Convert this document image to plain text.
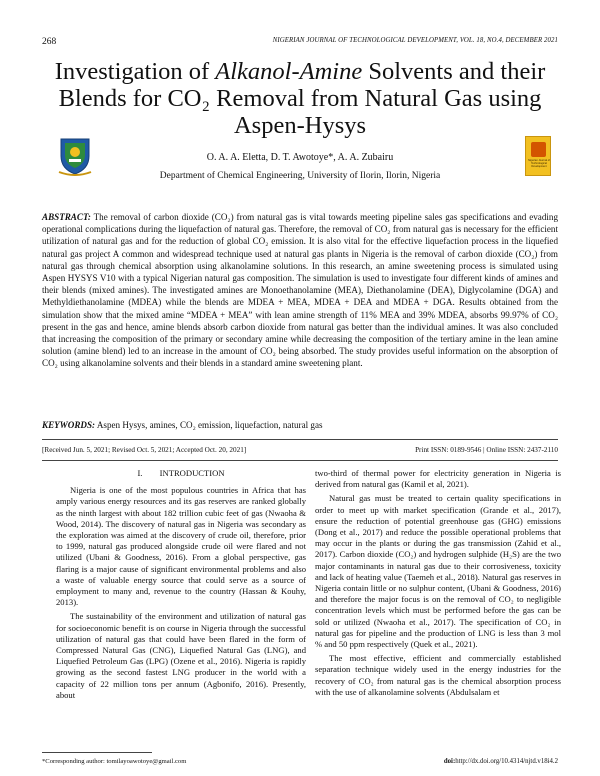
268	NIGERIAN JOURNAL OF TECHNOLOGICAL DEVELOPMENT, VOL. 18, NO.4, DECEMBER 2021
Investigation of Alkanol-Amine Solvents and their
Blends for CO₂ Removal from Natural Gas using
Aspen-Hysys
Nigerian Journal of Technological Development
O. A. A. Eletta, D. T. Awotoye*, A. A. Zubairu
Department of Chemical Engineering, University of Ilorin, Ilorin, Nigeria
ABSTRACT: The removal of carbon dioxide (CO₂) from natural gas is vital towards meeting pipeline sales gas specifications and evading operational complications during the liquefaction of natural gas. Therefore, the removal of CO₂ from natural gas is necessary for the efficient utilization of natural gas and for the reduction of global CO₂ emission. It is also vital for the effective liquefaction process in the liquefied natural gas project A common and widespread technique used at natural gas plants in Nigeria is the removal of carbon dioxide (CO₂) from natural gas through chemical absorption using alkanolamine solutions. In this research, an amine sweetening process is simulated using Aspen HYSYS V10 with a typical Nigerian natural gas composition. The simulation is used to investigate four different kinds of amines and their blends (mixed amines). The investigated amines are Monoethanolamine (MEA), Diethanolamine (DEA), Diglycolamine (DGA) and Methyldiethanolamine (MDEA) while the blends are MDEA + MEA, MDEA + DEA and MDEA + DGA. Results obtained from the simulation show that the mixed amine “MDEA + MEA” with lean amine strength of 11% MEA and 39% MDEA, absorbs 99.97% of CO₂ present in the gas and hence, amine blends absorb carbon dioxide from natural gas better than the individual amines. It was also concluded that increasing the composition of the primary or secondary amine while decreasing the composition of the tertiary amine in the lean amine solution (amine blend) led to an increase in the amount of CO₂ being absorbed. The study provides useful information on the absorption of CO₂ using alkanolamine solvents and their blends in a standard amine sweetening plant.
KEYWORDS: Aspen Hysys, amines, CO₂ emission, liquefaction, natural gas
[Received Jun. 5, 2021; Revised Oct. 5, 2021; Accepted Oct. 20, 2021]	Print ISSN: 0189-9546 | Online ISSN: 2437-2110
I.  INTRODUCTION

Nigeria is one of the most populous countries in Africa that has amply various energy resources and its gas reserves are ranked globally as the ninth largest with about 182 trillion cubic feet of gas (Nwaoha & Wood, 2014). The discovery of natural gas in Nigeria was secondary as the exploration was aimed at the discovery of crude oil, therefore, prior to 1999, natural gas produced alongside crude oil were flared and not utilized (Ubani & Goodness, 2016). From a global perspective, gas flaring is a major cause of significant environmental problems and also a waste of valuable energy source that could serve as a source of employment to many and, revenue to the country (Hassan & Kouhy, 2013).

The sustainability of the environment and utilization of natural gas for socioeconomic benefit is on course in Nigeria through the successful utilization of natural gas that could have been flared in the form of Compressed Natural Gas (CNG), Liquefied Natural Gas (LNG), and Liquefied Petroleum Gas (LPG) (Ozene et al., 2016). Nigeria is rapidly growing as the second fastest LNG producer in the world with a capacity of 22 million tons per annum (Agbonifo, 2016). Presently, about

two-third of thermal power for electricity generation in Nigeria is derived from natural gas (Kamil et al, 2021).

Natural gas must be treated to certain quality specifications in order to meet up with market specification (Grande et al., 2017), ensure the reduction of potential greenhouse gas (GHG) emissions (Dong et al., 2017) and reduce the possible operational problems that may occur in the plants or during the gas transmission (Zahid et al., 2017). Carbon dioxide (CO₂) and hydrogen sulphide (H₂S) are the two major contaminants in natural gas due to their corrosiveness, toxicity and lack of heating value (Taemeh et al., 2018). Natural gas reserves in Nigeria contain little or no sulphur content, (Ubani & Goodness, 2016) and therefore the major focus is on the removal of CO₂ to negligible concentration levels which must be performed before the gas can be sold or utilized (Nwaoha et al., 2017). The specification of CO₂ in natural gas for pipeline and the production of LNG is less than 3 mol % and 50 ppm respectively (Quek et al., 2021).

The most effective, efficient and commercially established separation technique widely used in the energy industries for the recovery of CO₂ from natural gas is the chemical absorption process with the use of alkanolamine solvents (Abdulsalam et

*Corresponding author: tomilayoawotoye@gmail.com	doi:http://dx.doi.org/10.4314/njtd.v18i4.2
